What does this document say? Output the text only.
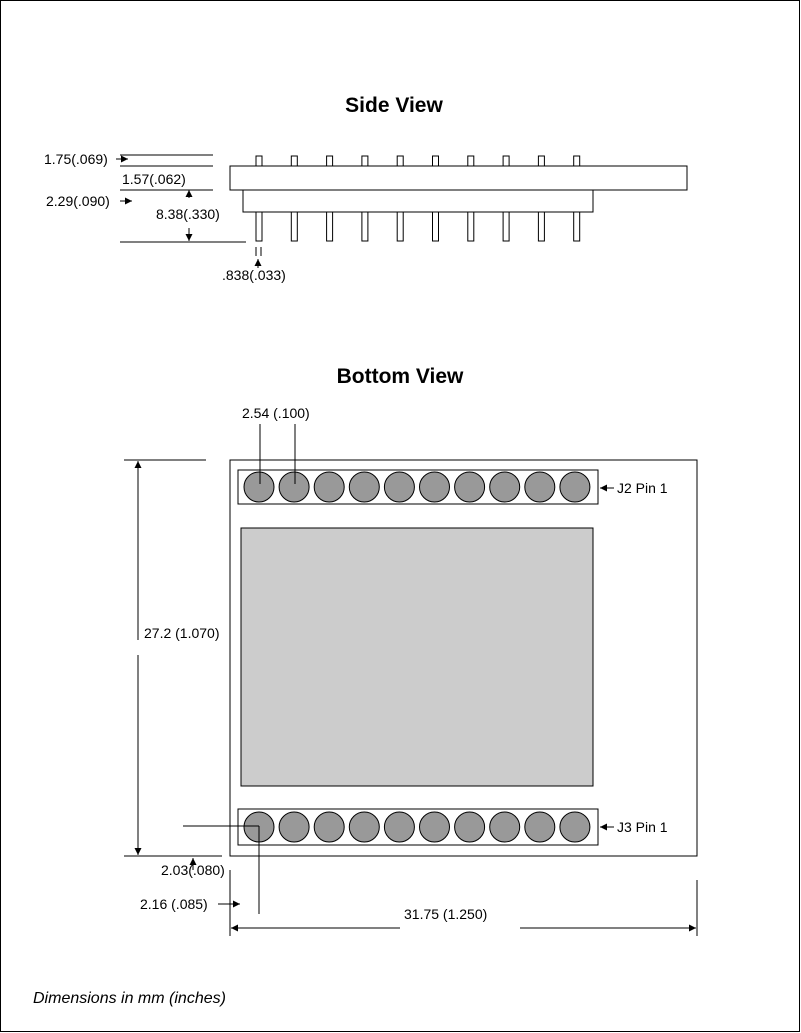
Side View
1.75(.069)
1.57(.062)
2.29(.090)
8.38(.330)
.838(.033)
Bottom View
2.54 (.100)
27.2 (1.070)
2.03(.080)
2.16 (.085)
31.75 (1.250)
J2 Pin 1
J3 Pin 1
Dimensions in mm (inches)
